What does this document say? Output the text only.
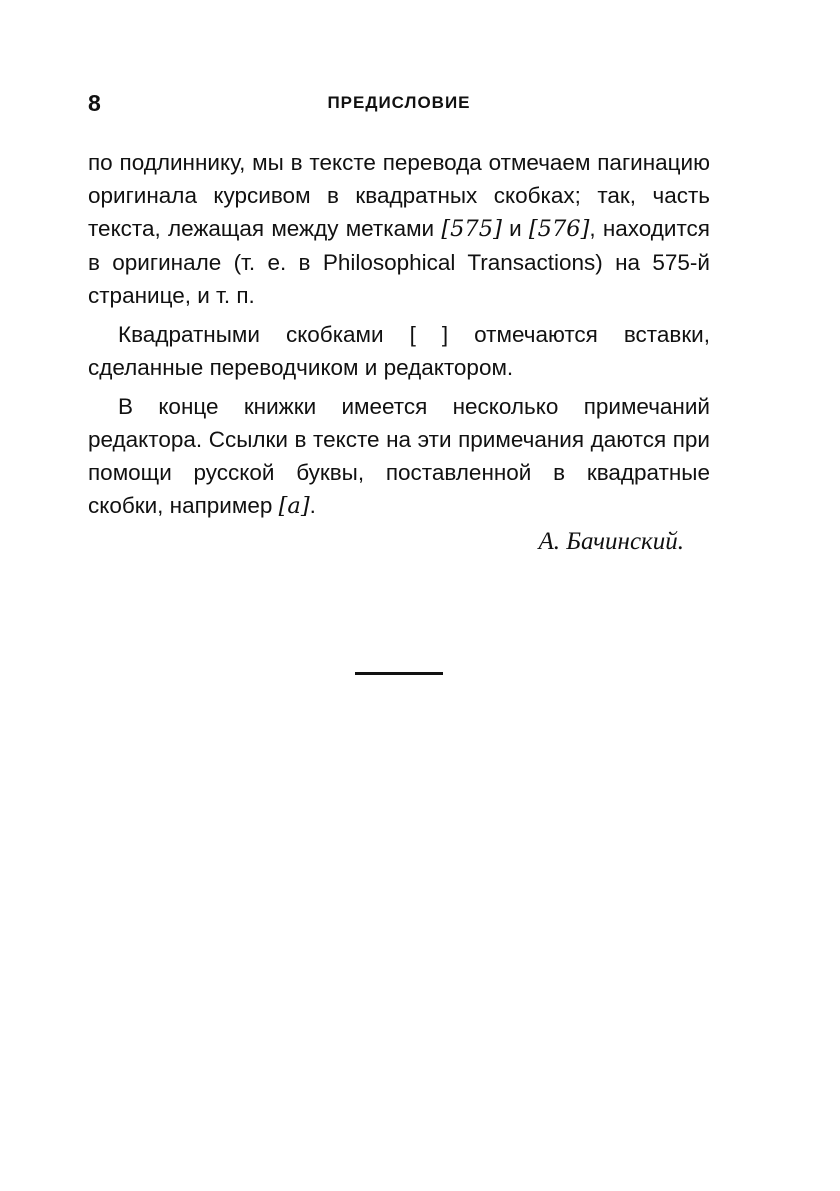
8	ПРЕДИСЛОВИЕ

по подлиннику, мы в тексте перевода отмечаем пагинацию оригинала курсивом в квадратных скобках; так, часть текста, лежащая между метками [575] и [576], находится в оригинале (т. е. в Philosophical Transactions) на 575-й странице, и т. п.

Квадратными скобками [ ] отмечаются вставки, сделанные переводчиком и редактором.

В конце книжки имеется несколько примечаний редактора. Ссылки в тексте на эти примечания даются при помощи русской буквы, поставленной в квадратные скобки, например [a].

А. Бачинский.
